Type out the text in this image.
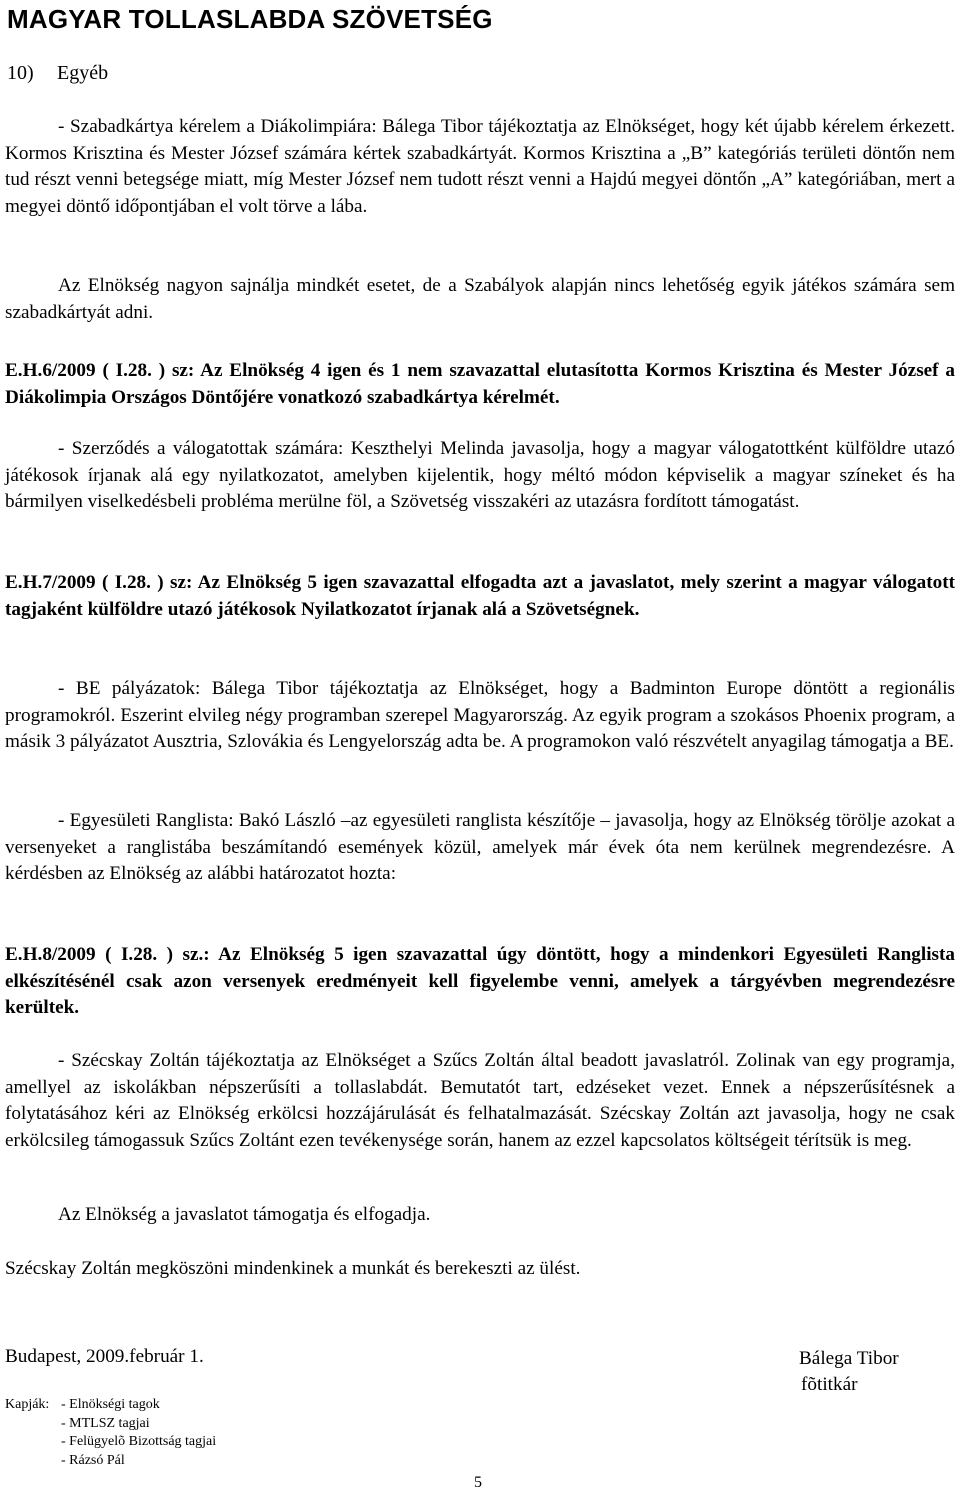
MAGYAR TOLLASLABDA SZÖVETSÉG
10) Egyéb

- Szabadkártya kérelem a Diákolimpiára: Bálega Tibor tájékoztatja az Elnökséget, hogy két újabb kérelem érkezett. Kormos Krisztina és Mester József számára kértek szabadkártyát. Kormos Krisztina a „B” kategóriás területi döntőn nem tud részt venni betegsége miatt, míg Mester József nem tudott részt venni a Hajdú megyei döntőn „A” kategóriában, mert a megyei döntő időpontjában el volt törve a lába.

Az Elnökség nagyon sajnálja mindkét esetet, de a Szabályok alapján nincs lehetőség egyik játékos számára sem szabadkártyát adni.

E.H.6/2009 ( I.28. ) sz: Az Elnökség 4 igen és 1 nem szavazattal elutasította Kormos Krisztina és Mester József a Diákolimpia Országos Döntőjére vonatkozó szabadkártya kérelmét.

- Szerződés a válogatottak számára: Keszthelyi Melinda javasolja, hogy a magyar válogatottként külföldre utazó játékosok írjanak alá egy nyilatkozatot, amelyben kijelentik, hogy méltó módon képviselik a magyar színeket és ha bármilyen viselkedésbeli probléma merülne föl, a Szövetség visszakéri az utazásra fordított támogatást.

E.H.7/2009 ( I.28. ) sz: Az Elnökség 5 igen szavazattal elfogadta azt a javaslatot, mely szerint a magyar válogatott tagjaként külföldre utazó játékosok Nyilatkozatot írjanak alá a Szövetségnek.

- BE pályázatok: Bálega Tibor tájékoztatja az Elnökséget, hogy a Badminton Europe döntött a regionális programokról. Eszerint elvileg négy programban szerepel Magyarország. Az egyik program a szokásos Phoenix program, a másik 3 pályázatot Ausztria, Szlovákia és Lengyelország adta be. A programokon való részvételt anyagilag támogatja a BE.

- Egyesületi Ranglista: Bakó László –az egyesületi ranglista készítője – javasolja, hogy az Elnökség törölje azokat a versenyeket a ranglistába beszámítandó események közül, amelyek már évek óta nem kerülnek megrendezésre. A kérdésben az Elnökség az alábbi határozatot hozta:

E.H.8/2009 ( I.28. ) sz.: Az Elnökség 5 igen szavazattal úgy döntött, hogy a mindenkori Egyesületi Ranglista elkészítésénél csak azon versenyek eredményeit kell figyelembe venni, amelyek a tárgyévben megrendezésre kerültek.

- Szécskay Zoltán tájékoztatja az Elnökséget a Szűcs Zoltán által beadott javaslatról. Zolinak van egy programja, amellyel az iskolákban népszerűsíti a tollaslabdát. Bemutatót tart, edzéseket vezet. Ennek a népszerűsítésnek a folytatásához kéri az Elnökség erkölcsi hozzájárulását és felhatalmazását. Szécskay Zoltán azt javasolja, hogy ne csak erkölcsileg támogassuk Szűcs Zoltánt ezen tevékenysége során, hanem az ezzel kapcsolatos költségeit térítsük is meg.

Az Elnökség a javaslatot támogatja és elfogadja.

Szécskay Zoltán megköszöni mindenkinek a munkát és berekeszti az ülést.

Budapest, 2009.február 1.	Bálega Tibor
fõtitkár
Kapják: - Elnökségi tagok
- MTLSZ tagjai
- Felügyelõ Bizottság tagjai
- Rázsó Pál
5
